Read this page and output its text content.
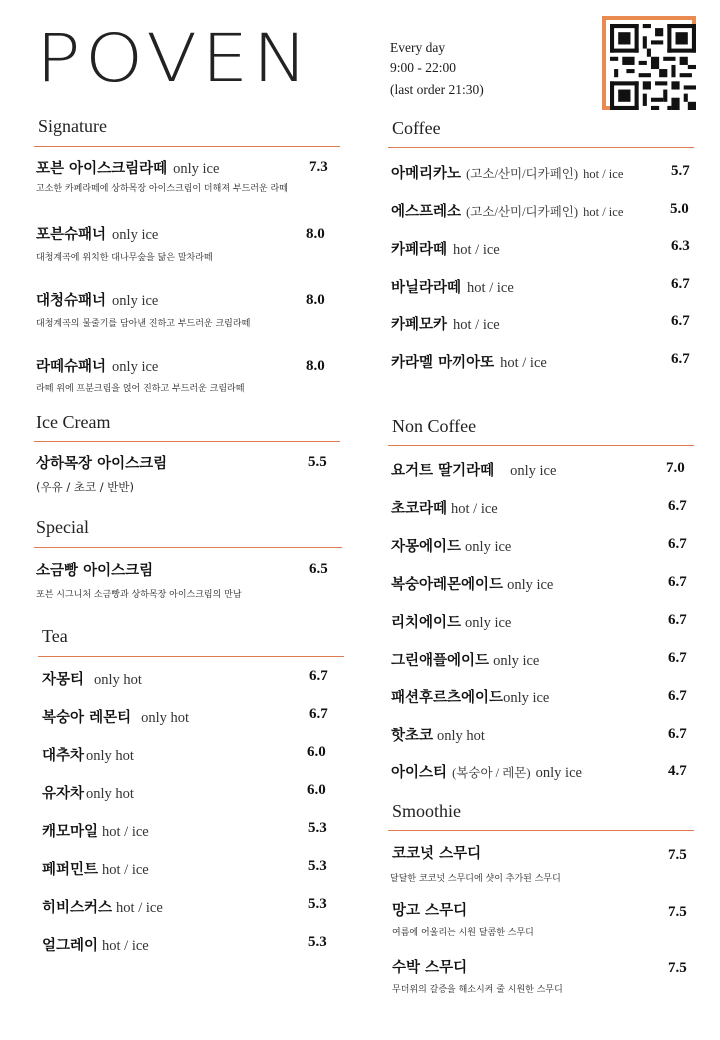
POVEN	Every day
9:00 - 22:00
(last order 21:30)
Signature
포븐 아이스크림라떼 only ice	7.3
고소한 카페라떼에 상하목장 아이스크림이 더해져 부드러운 라떼
포븐슈패너 only ice	8.0
대청계곡에 위치한 대나무숲을 닮은 말차라떼
대청슈패너 only ice	8.0
대청계곡의 물줄기를 담아낸 진하고 부드러운 크림라떼
라떼슈패너 only ice	8.0
라떼 위에 프분크림을 얹어 진하고 부드러운 크림라떼
Ice Cream
상하목장 아이스크림	5.5
(우유 / 초코 / 반반)
Special
소금빵 아이스크림	6.5
포븐 시그니처 소금빵과 상하목장 아이스크림의 만남
Tea
자몽티 only hot	6.7
복숭아 레몬티 only hot	6.7
대추차 only hot	6.0
유자차 only hot	6.0
캐모마일 hot / ice	5.3
페퍼민트 hot / ice	5.3
히비스커스 hot / ice	5.3
얼그레이 hot / ice	5.3
Coffee
아메리카노 (고소/산미/디카페인) hot / ice	5.7
에스프레소 (고소/산미/디카페인) hot / ice	5.0
카페라떼 hot / ice	6.3
바닐라라떼 hot / ice	6.7
카페모카 hot / ice	6.7
카라멜 마끼아또 hot / ice	6.7
Non Coffee
요거트 딸기라떼 only ice	7.0
초코라떼 hot / ice	6.7
자몽에이드 only ice	6.7
복숭아레몬에이드 only ice	6.7
리치에이드 only ice	6.7
그린애플에이드 only ice	6.7
패션후르츠에이드only ice	6.7
핫초코 only hot	6.7
아이스티 (복숭아 / 레몬) only ice	4.7
Smoothie
코코넛 스무디	7.5
달달한 코코넛 스무디에 샷이 추가된 스무디
망고 스무디	7.5
여름에 어울리는 시원 달콤한 스무디
수박 스무디	7.5
무더위의 갈증을 해소시켜 줄 시원한 스무디
